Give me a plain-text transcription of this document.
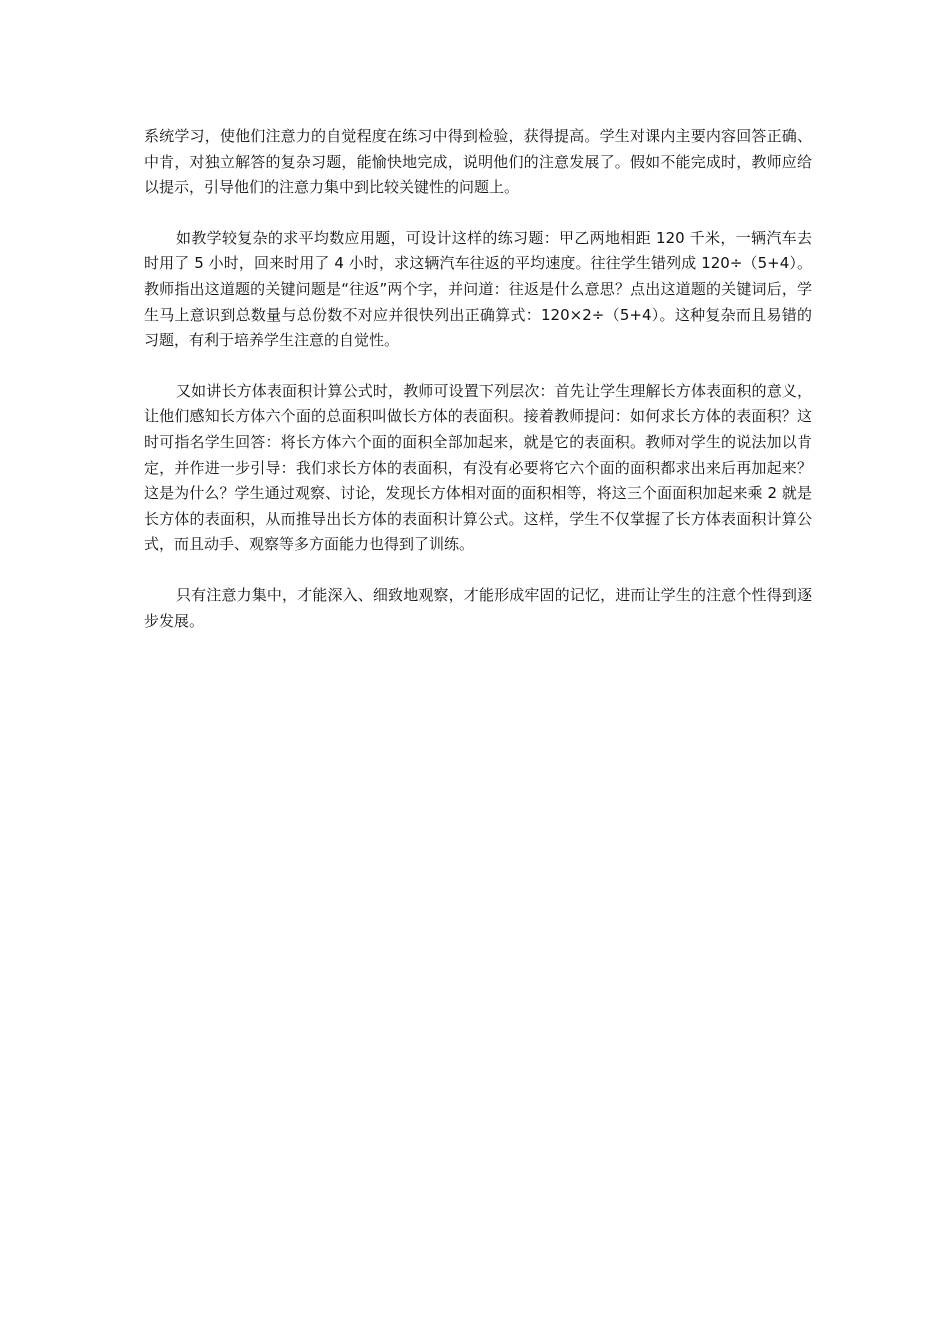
系统学习，使他们注意力的自觉程度在练习中得到检验，获得提高。学生对课内主要内容回答正确、中肯，对独立解答的复杂习题，能愉快地完成，说明他们的注意发展了。假如不能完成时，教师应给以提示，引导他们的注意力集中到比较关键性的问题上。

如教学较复杂的求平均数应用题，可设计这样的练习题：甲乙两地相距 120 千米，一辆汽车去时用了 5 小时，回来时用了 4 小时，求这辆汽车往返的平均速度。往往学生错列成 120÷（5+4）。教师指出这道题的关键问题是“往返”两个字，并问道：往返是什么意思？点出这道题的关键词后，学生马上意识到总数量与总份数不对应并很快列出正确算式：120×2÷（5+4）。这种复杂而且易错的习题，有利于培养学生注意的自觉性。

又如讲长方体表面积计算公式时，教师可设置下列层次：首先让学生理解长方体表面积的意义，让他们感知长方体六个面的总面积叫做长方体的表面积。接着教师提问：如何求长方体的表面积？这时可指名学生回答：将长方体六个面的面积全部加起来，就是它的表面积。教师对学生的说法加以肯定，并作进一步引导：我们求长方体的表面积，有没有必要将它六个面的面积都求出来后再加起来？这是为什么？学生通过观察、讨论，发现长方体相对面的面积相等，将这三个面面积加起来乘 2 就是长方体的表面积，从而推导出长方体的表面积计算公式。这样，学生不仅掌握了长方体表面积计算公式，而且动手、观察等多方面能力也得到了训练。

只有注意力集中，才能深入、细致地观察，才能形成牢固的记忆，进而让学生的注意个性得到逐步发展。
